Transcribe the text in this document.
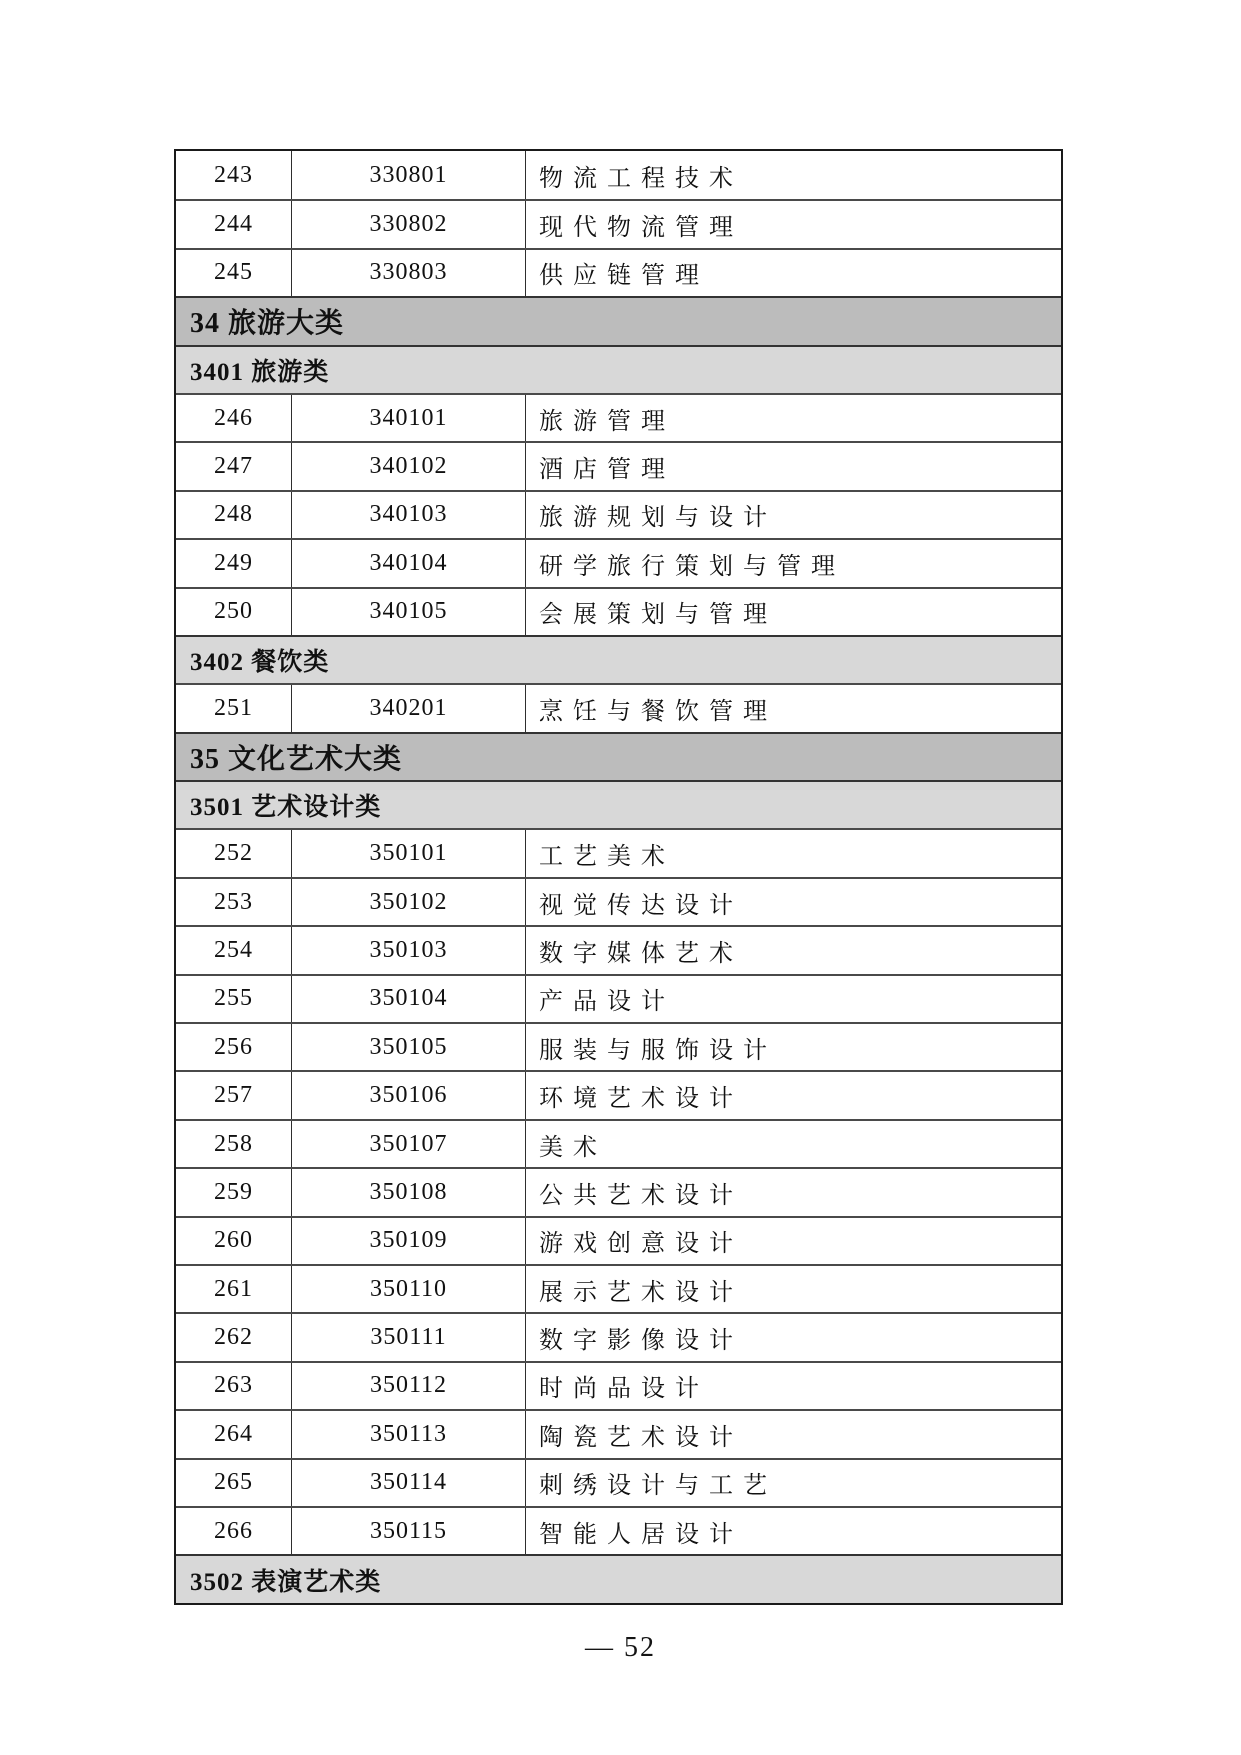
243	330801	物流工程技术
244	330802	现代物流管理
245	330803	供应链管理
34 旅游大类
3401 旅游类
246	340101	旅游管理
247	340102	酒店管理
248	340103	旅游规划与设计
249	340104	研学旅行策划与管理
250	340105	会展策划与管理
3402 餐饮类
251	340201	烹饪与餐饮管理
35 文化艺术大类
3501 艺术设计类
252	350101	工艺美术
253	350102	视觉传达设计
254	350103	数字媒体艺术
255	350104	产品设计
256	350105	服装与服饰设计
257	350106	环境艺术设计
258	350107	美术
259	350108	公共艺术设计
260	350109	游戏创意设计
261	350110	展示艺术设计
262	350111	数字影像设计
263	350112	时尚品设计
264	350113	陶瓷艺术设计
265	350114	刺绣设计与工艺
266	350115	智能人居设计
3502 表演艺术类
— 52
